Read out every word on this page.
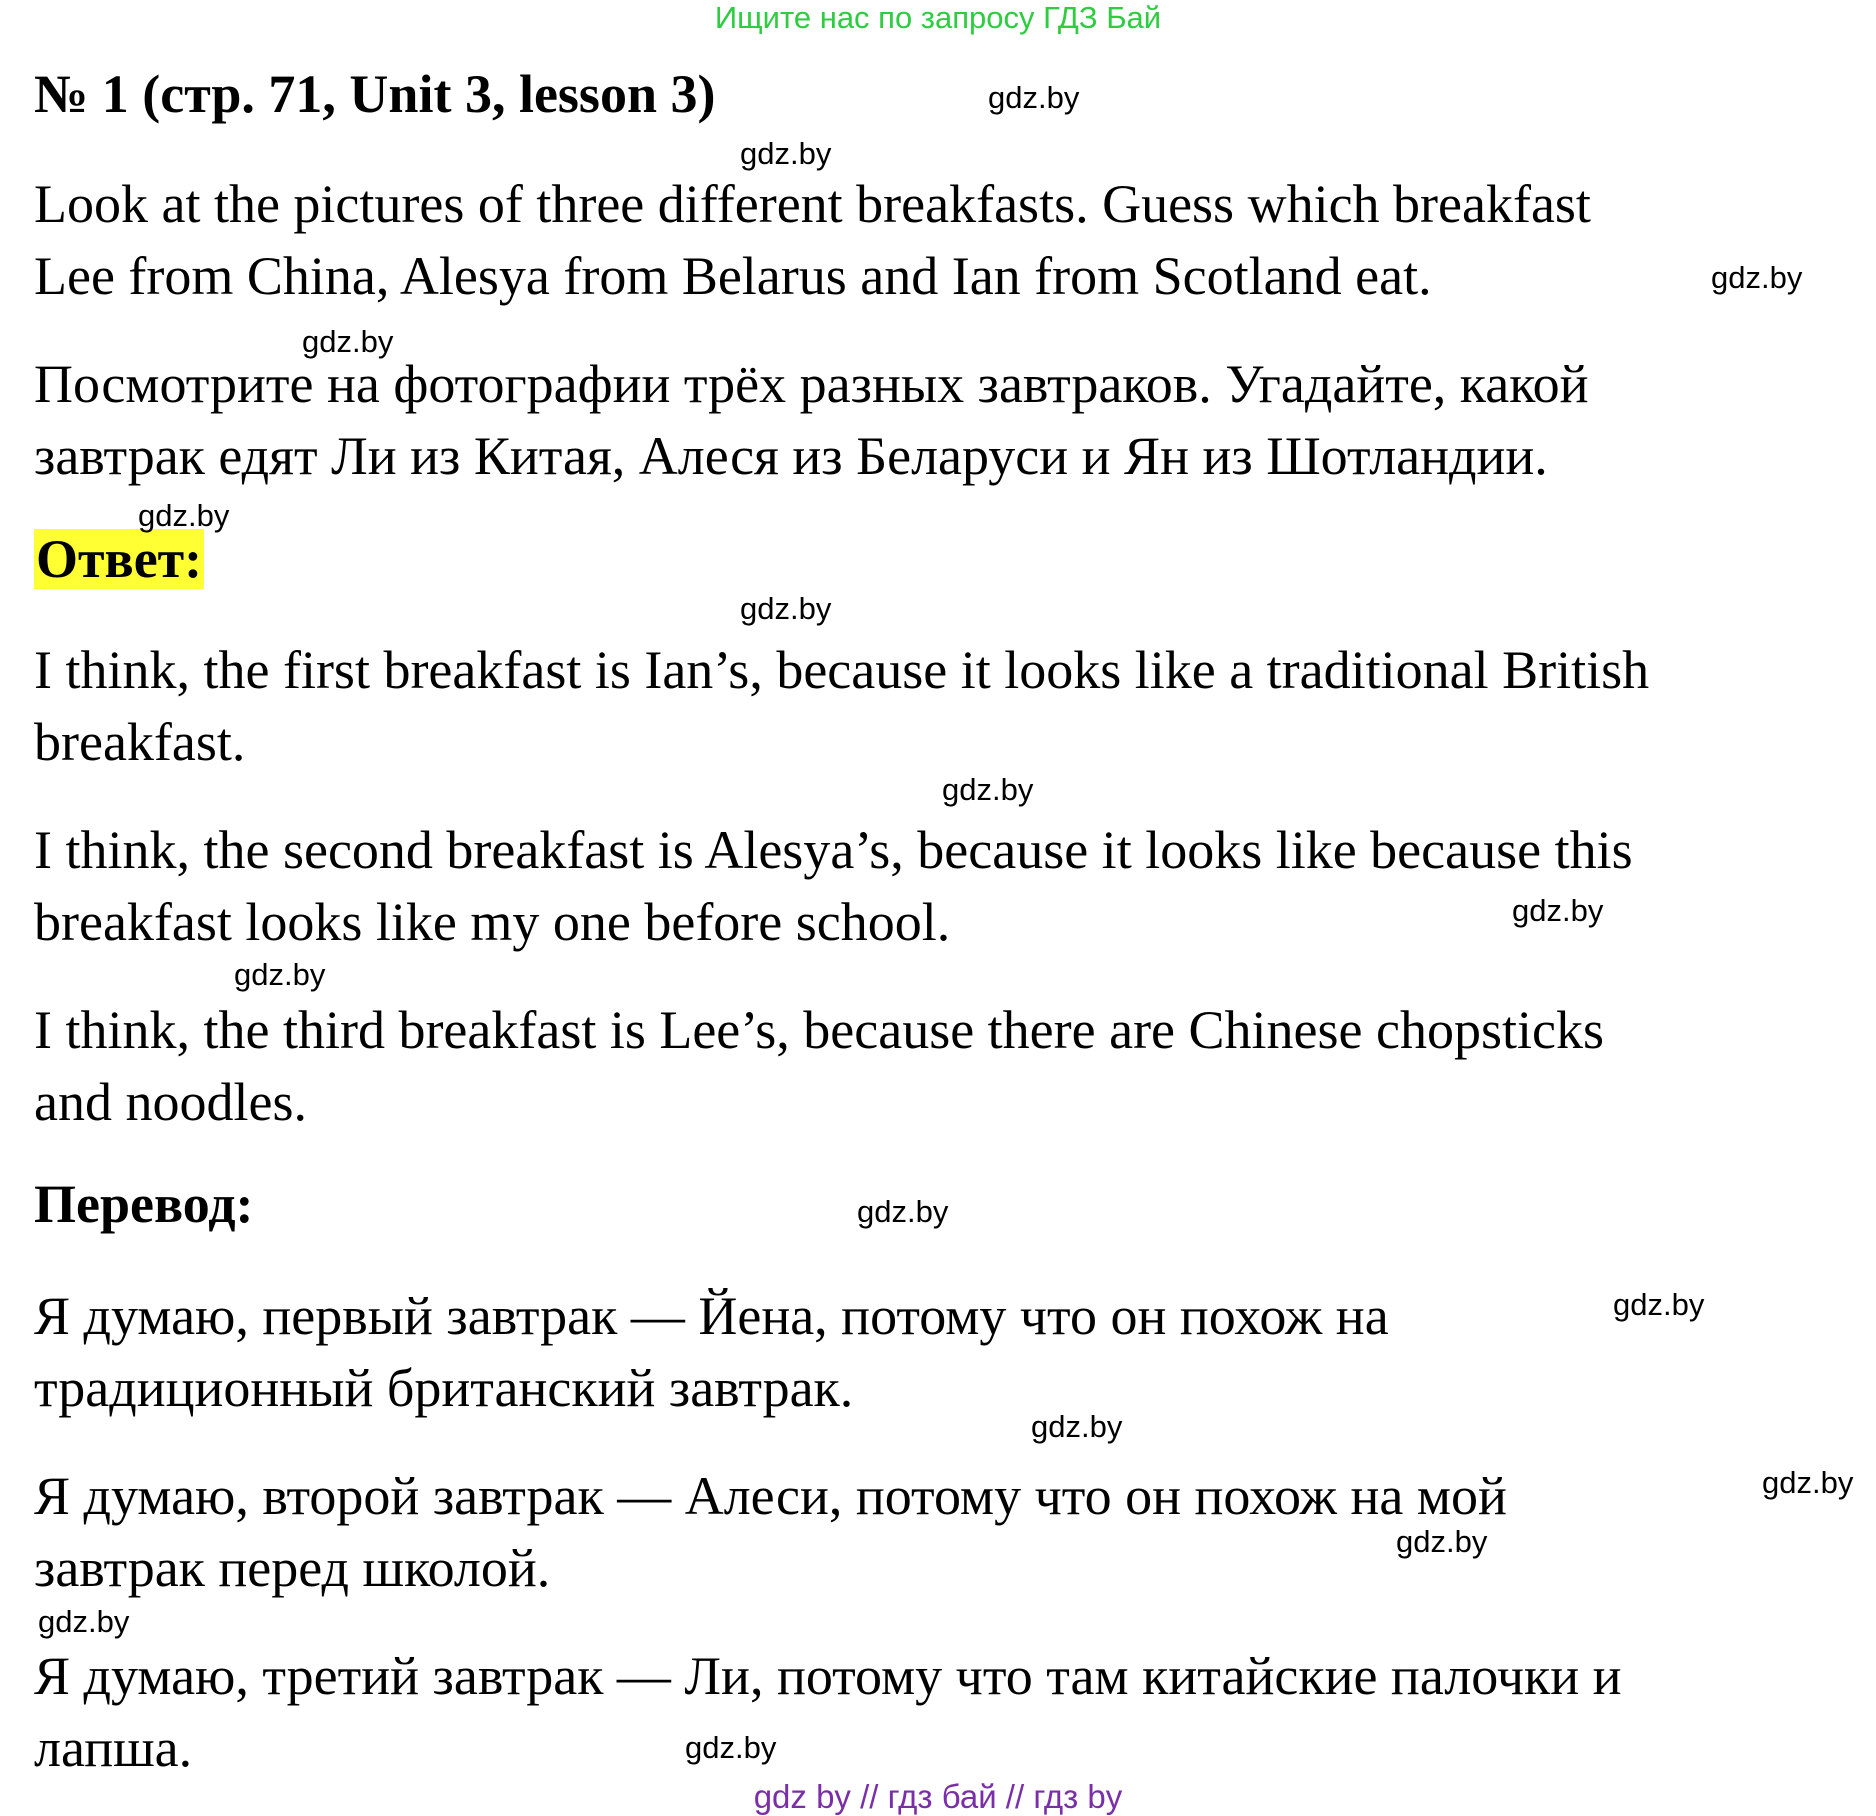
Ищите нас по запросу ГДЗ Бай
№ 1 (стр. 71, Unit 3, lesson 3)

Look at the pictures of three different breakfasts. Guess which breakfast
Lee from China, Alesya from Belarus and Ian from Scotland eat.

Посмотрите на фотографии трёх разных завтраков. Угадайте, какой
завтрак едят Ли из Китая, Алеся из Беларуси и Ян из Шотландии.

Ответ:

I think, the first breakfast is Ian’s, because it looks like a traditional British
breakfast.

I think, the second breakfast is Alesya’s, because it looks like because this
breakfast looks like my one before school.

I think, the third breakfast is Lee’s, because there are Chinese chopsticks
and noodles.

Перевод:

Я думаю, первый завтрак — Йена, потому что он похож на
традиционный британский завтрак.

Я думаю, второй завтрак — Алеси, потому что он похож на мой
завтрак перед школой.

Я думаю, третий завтрак — Ли, потому что там китайские палочки и
лапша.

gdz.by
gdz.by
gdz.by
gdz.by
gdz.by
gdz.by
gdz.by
gdz.by
gdz.by
gdz.by
gdz.by
gdz.by
gdz.by
gdz.by
gdz.by
gdz.by
gdz by // гдз бай // гдз by
